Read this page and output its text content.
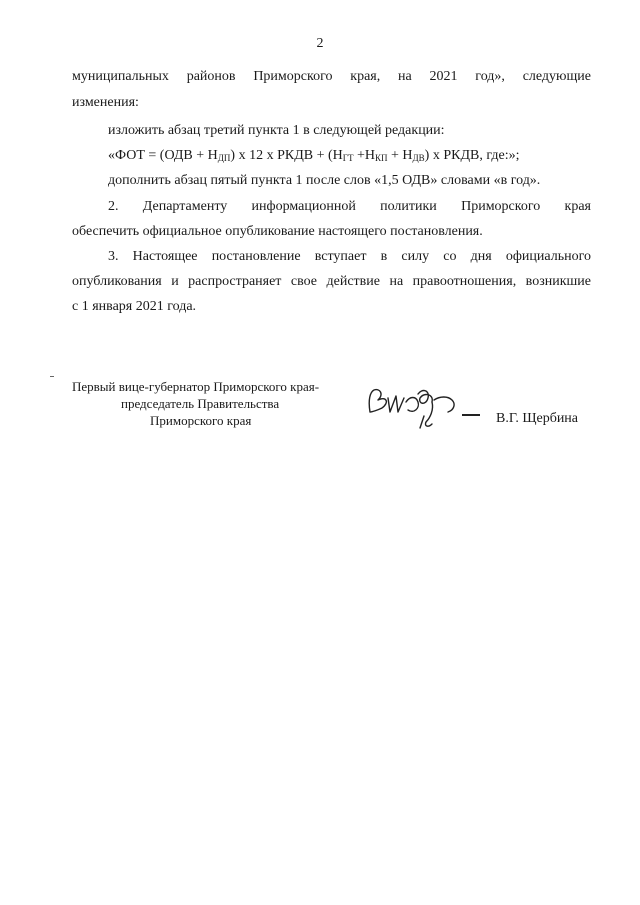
2
муниципальных районов Приморского края, на 2021 год», следующие
изменения:
изложить абзац третий пункта 1 в следующей редакции:
«ФОТ = $(ОДВ + Н_{ДП})$ х 12 х РКДВ + $(Н_{ГТ} +Н_{КП} + Н_{ДВ})$ х РКДВ, где:»;
дополнить абзац пятый пункта 1 после слов «1,5 ОДВ» словами «в год».
2. Департаменту информационной политики Приморского края
обеспечить официальное опубликование настоящего постановления.
3. Настоящее постановление вступает в силу со дня официального
опубликования и распространяет свое действие на правоотношения, возникшие
с 1 января 2021 года.
Первый вице-губернатор Приморского края-
председатель Правительства
Приморского края	В.Г. Щербина
